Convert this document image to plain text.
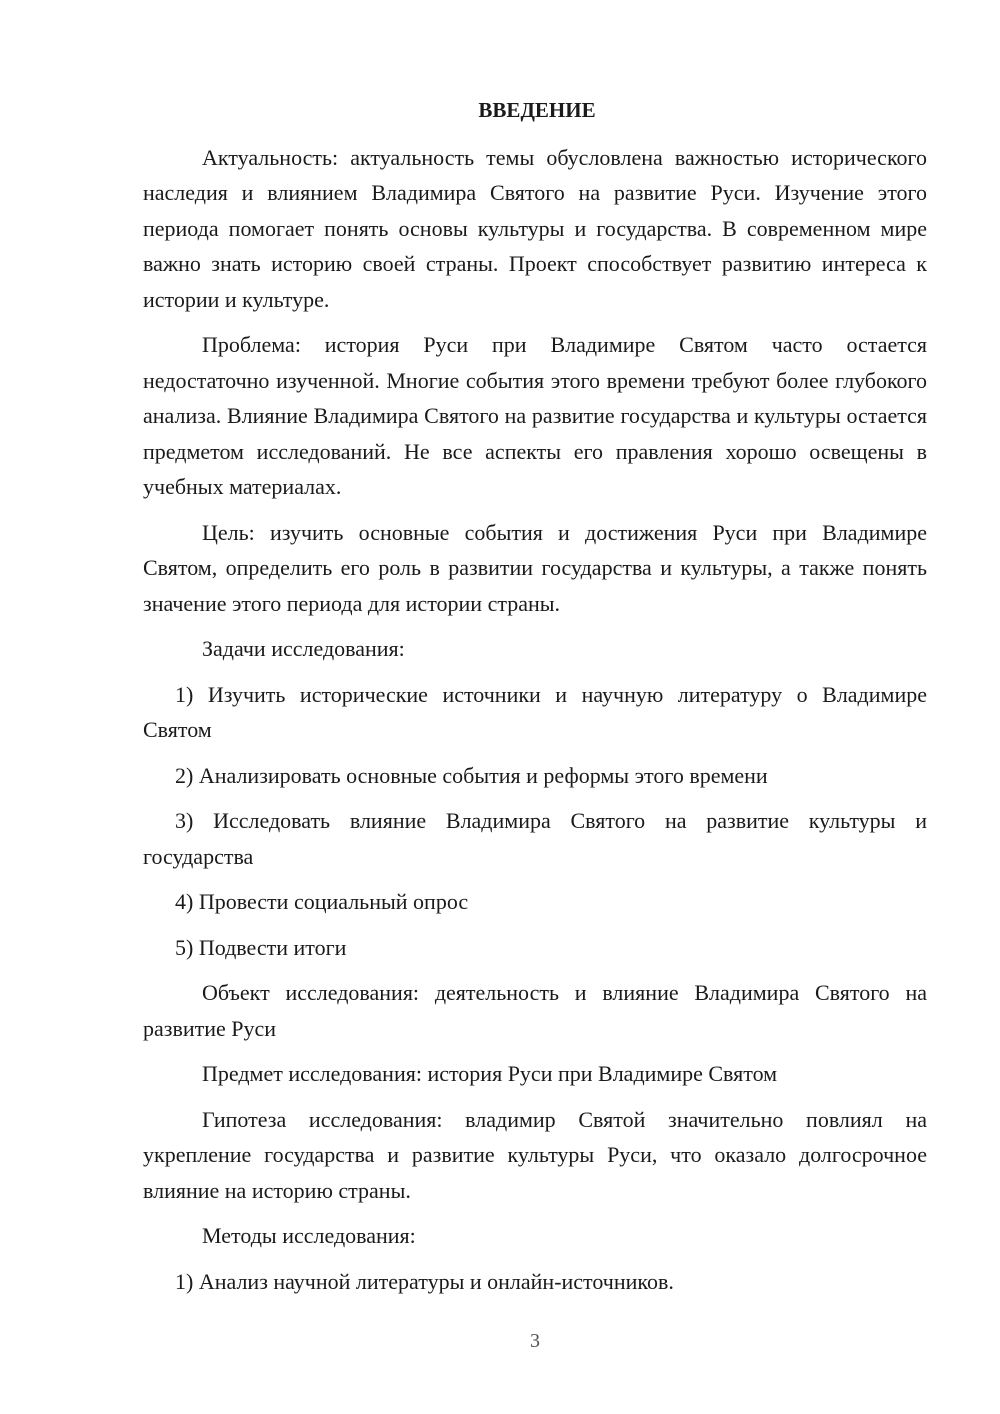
ВВЕДЕНИЕ

Актуальность: актуальность темы обусловлена важностью исторического наследия и влиянием Владимира Святого на развитие Руси. Изучение этого периода помогает понять основы культуры и государства. В современном мире важно знать историю своей страны. Проект способствует развитию интереса к истории и культуре.

Проблема: история Руси при Владимире Святом часто остается недостаточно изученной. Многие события этого времени требуют более глубокого анализа. Влияние Владимира Святого на развитие государства и культуры остается предметом исследований. Не все аспекты его правления хорошо освещены в учебных материалах.

Цель: изучить основные события и достижения Руси при Владимире Святом, определить его роль в развитии государства и культуры, а также понять значение этого периода для истории страны.

Задачи исследования:

1) Изучить исторические источники и научную литературу о Владимире Святом

2) Анализировать основные события и реформы этого времени

3) Исследовать влияние Владимира Святого на развитие культуры и государства

4) Провести социальный опрос

5) Подвести итоги

Объект исследования: деятельность и влияние Владимира Святого на развитие Руси

Предмет исследования: история Руси при Владимире Святом

Гипотеза исследования: владимир Святой значительно повлиял на укрепление государства и развитие культуры Руси, что оказало долгосрочное влияние на историю страны.

Методы исследования:

1) Анализ научной литературы и онлайн-источников.

3
